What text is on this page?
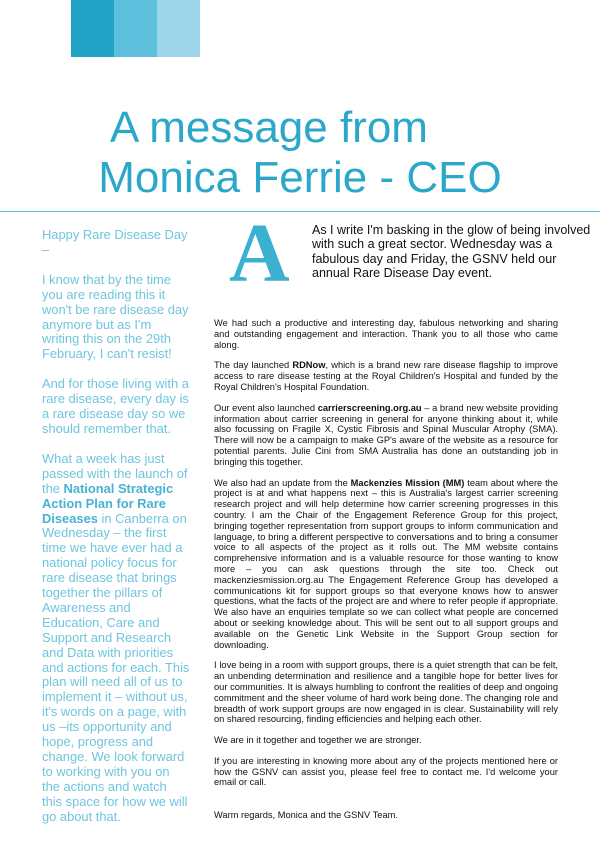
A message from
Monica Ferrie - CEO

Happy Rare Disease Day –

I know that by the time you are reading this it won't be rare disease day anymore but as I'm writing this on the 29th February, I can't resist!

And for those living with a rare disease, every day is a rare disease day so we should remember that.

What a week has just passed with the launch of the National Strategic Action Plan for Rare Diseases in Canberra on Wednesday – the first time we have ever had a national policy focus for rare disease that brings together the pillars of Awareness and Education, Care and Support and Research and Data with priorities and actions for each. This plan will need all of us to implement it – without us, it's words on a page, with us –its opportunity and hope, progress and change. We look forward to working with you on the actions and watch this space for how we will go about that.

A As I write I'm basking in the glow of being involved with such a great sector. Wednesday was a fabulous day and Friday, the GSNV held our annual Rare Disease Day event.

We had such a productive and interesting day, fabulous networking and sharing and outstanding engagement and interaction. Thank you to all those who came along.

The day launched RDNow, which is a brand new rare disease flagship to improve access to rare disease testing at the Royal Children's Hospital and funded by the Royal Children's Hospital Foundation.

Our event also launched carrierscreening.org.au – a brand new website providing information about carrier screening in general for anyone thinking about it, while also focussing on Fragile X, Cystic Fibrosis and Spinal Muscular Atrophy (SMA). There will now be a campaign to make GP's aware of the website as a resource for potential parents. Julie Cini from SMA Australia has done an outstanding job in bringing this together.

We also had an update from the Mackenzies Mission (MM) team about where the project is at and what happens next – this is Australia's largest carrier screening research project and will help determine how carrier screening progresses in this country. I am the Chair of the Engagement Reference Group for this project, bringing together representation from support groups to inform communication and language, to bring a different perspective to conversations and to bring a consumer voice to all aspects of the project as it rolls out. The MM website contains comprehensive information and is a valuable resource for those wanting to know more – you can ask questions through the site too. Check out mackenziesmission.org.au The Engagement Reference Group has developed a communications kit for support groups so that everyone knows how to answer questions, what the facts of the project are and where to refer people if appropriate. We also have an enquiries template so we can collect what people are concerned about or seeking knowledge about. This will be sent out to all support groups and available on the Genetic Link Website in the Support Group section for downloading.

I love being in a room with support groups, there is a quiet strength that can be felt, an unbending determination and resilience and a tangible hope for better lives for our communities. It is always humbling to confront the realities of deep and ongoing commitment and the sheer volume of hard work being done. The changing role and breadth of work support groups are now engaged in is clear. Sustainability will rely on shared resourcing, finding efficiencies and helping each other.

We are in it together and together we are stronger.

If you are interesting in knowing more about any of the projects mentioned here or how the GSNV can assist you, please feel free to contact me. I'd welcome your email or call.

Warm regards, Monica and the GSNV Team.
